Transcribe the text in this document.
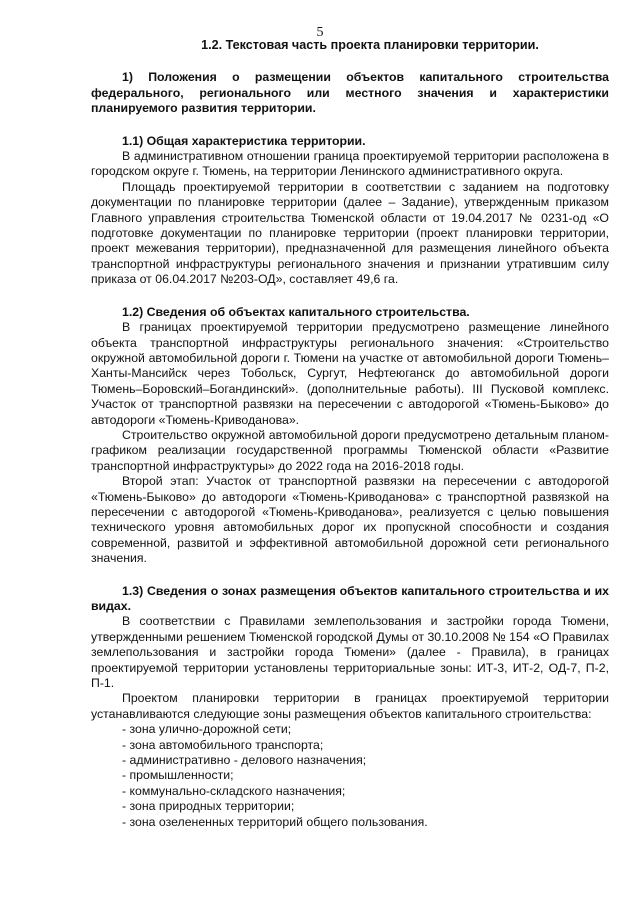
5
1.2. Текстовая часть проекта планировки территории.
1) Положения о размещении объектов капитального строительства федерального, регионального или местного значения и характеристики планируемого развития территории.
1.1) Общая характеристика территории.

В административном отношении граница проектируемой территории расположена в городском округе г. Тюмень, на территории Ленинского административного округа.

Площадь проектируемой территории в соответствии с заданием на подготовку документации по планировке территории (далее – Задание), утвержденным приказом Главного управления строительства Тюменской области от 19.04.2017 № 0231-од «О подготовке документации по планировке территории (проект планировки территории, проект межевания территории), предназначенной для размещения линейного объекта транспортной инфраструктуры регионального значения и признании утратившим силу приказа от 06.04.2017 №203-ОД», составляет 49,6 га.

1.2) Сведения об объектах капитального строительства.

В границах проектируемой территории предусмотрено размещение линейного объекта транспортной инфраструктуры регионального значения: «Строительство окружной автомобильной дороги г. Тюмени на участке от автомобильной дороги Тюмень–Ханты-Мансийск через Тобольск, Сургут, Нефтеюганск до автомобильной дороги Тюмень–Боровский–Богандинский». (дополнительные работы). III Пусковой комплекс. Участок от транспортной развязки на пересечении с автодорогой «Тюмень-Быково» до автодороги «Тюмень-Криводанова».

Строительство окружной автомобильной дороги предусмотрено детальным планом-графиком реализации государственной программы Тюменской области «Развитие транспортной инфраструктуры» до 2022 года на 2016-2018 годы.

Второй этап: Участок от транспортной развязки на пересечении с автодорогой «Тюмень-Быково» до автодороги «Тюмень-Криводанова» с транспортной развязкой на пересечении с автодорогой «Тюмень-Криводанова», реализуется с целью повышения технического уровня автомобильных дорог их пропускной способности и создания современной, развитой и эффективной автомобильной дорожной сети регионального значения.

1.3) Сведения о зонах размещения объектов капитального строительства и их видах.

В соответствии с Правилами землепользования и застройки города Тюмени, утвержденными решением Тюменской городской Думы от 30.10.2008 № 154 «О Правилах землепользования и застройки города Тюмени» (далее - Правила), в границах проектируемой территории установлены территориальные зоны: ИТ-3, ИТ-2, ОД-7, П-2, П-1.

Проектом планировки территории в границах проектируемой территории устанавливаются следующие зоны размещения объектов капитального строительства:

- зона улично-дорожной сети;
- зона автомобильного транспорта;
- административно - делового назначения;
- промышленности;
- коммунально-складского назначения;
- зона природных территории;
- зона озелененных территорий общего пользования.
